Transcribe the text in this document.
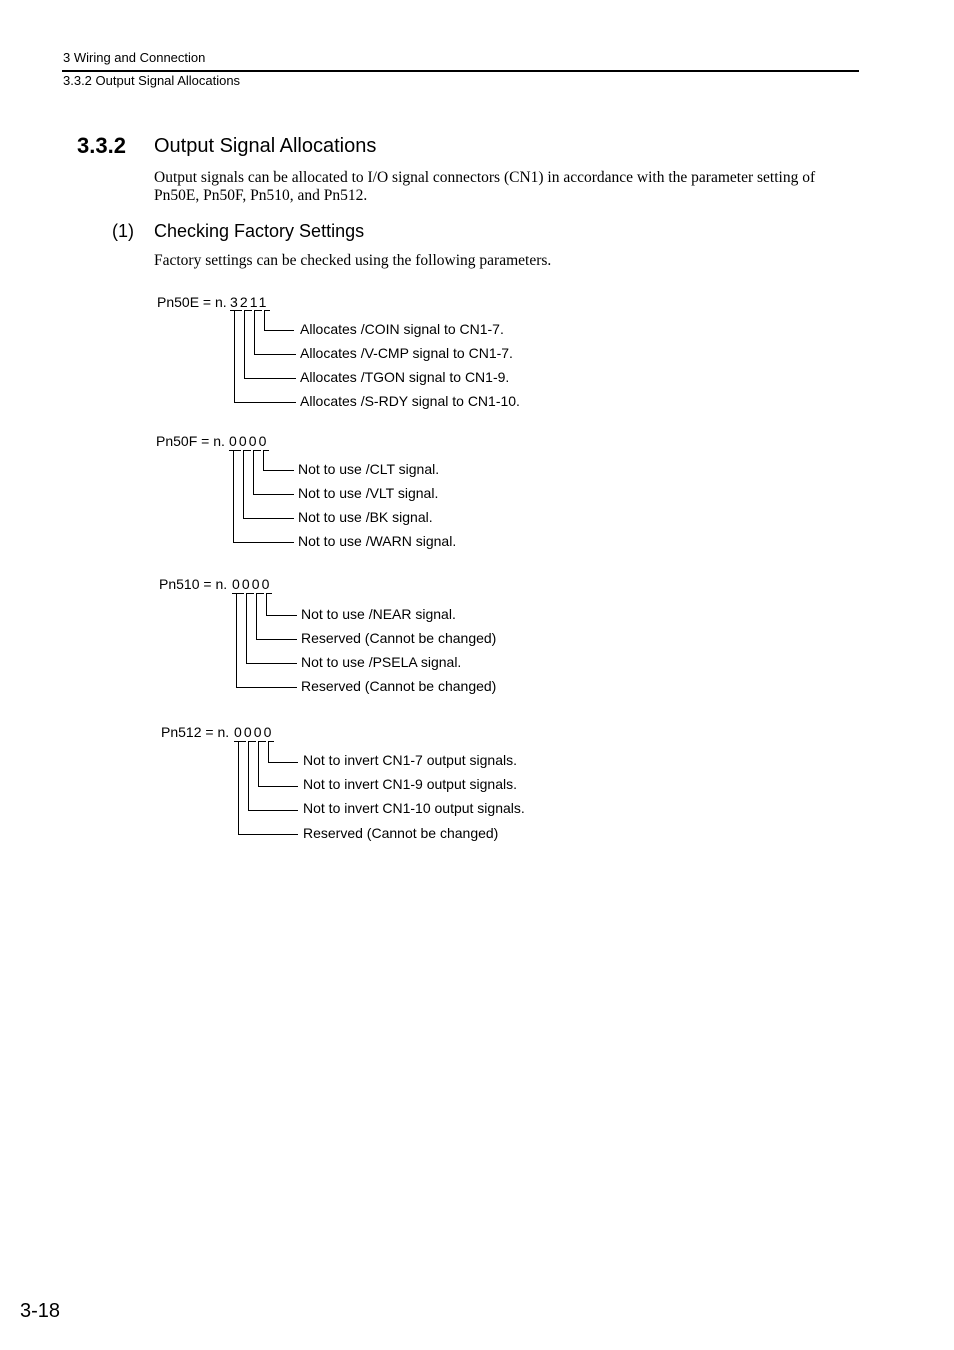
3 Wiring and Connection
3.3.2 Output Signal Allocations
3.3.2 Output Signal Allocations
Output signals can be allocated to I/O signal connectors (CN1) in accordance with the parameter setting of Pn50E, Pn50F, Pn510, and Pn512.
(1) Checking Factory Settings
Factory settings can be checked using the following parameters.
Pn50E = n. 3211
Allocates /COIN signal to CN1-7.
Allocates /V-CMP signal to CN1-7.
Allocates /TGON signal to CN1-9.
Allocates /S-RDY signal to CN1-10.
Pn50F = n. 0000
Not to use /CLT signal.
Not to use /VLT signal.
Not to use /BK signal.
Not to use /WARN signal.
Pn510 = n. 0000
Not to use /NEAR signal.
Reserved (Cannot be changed)
Not to use /PSELA signal.
Reserved (Cannot be changed)
Pn512 = n. 0000
Not to invert CN1-7 output signals.
Not to invert CN1-9 output signals.
Not to invert CN1-10 output signals.
Reserved (Cannot be changed)
3-18
